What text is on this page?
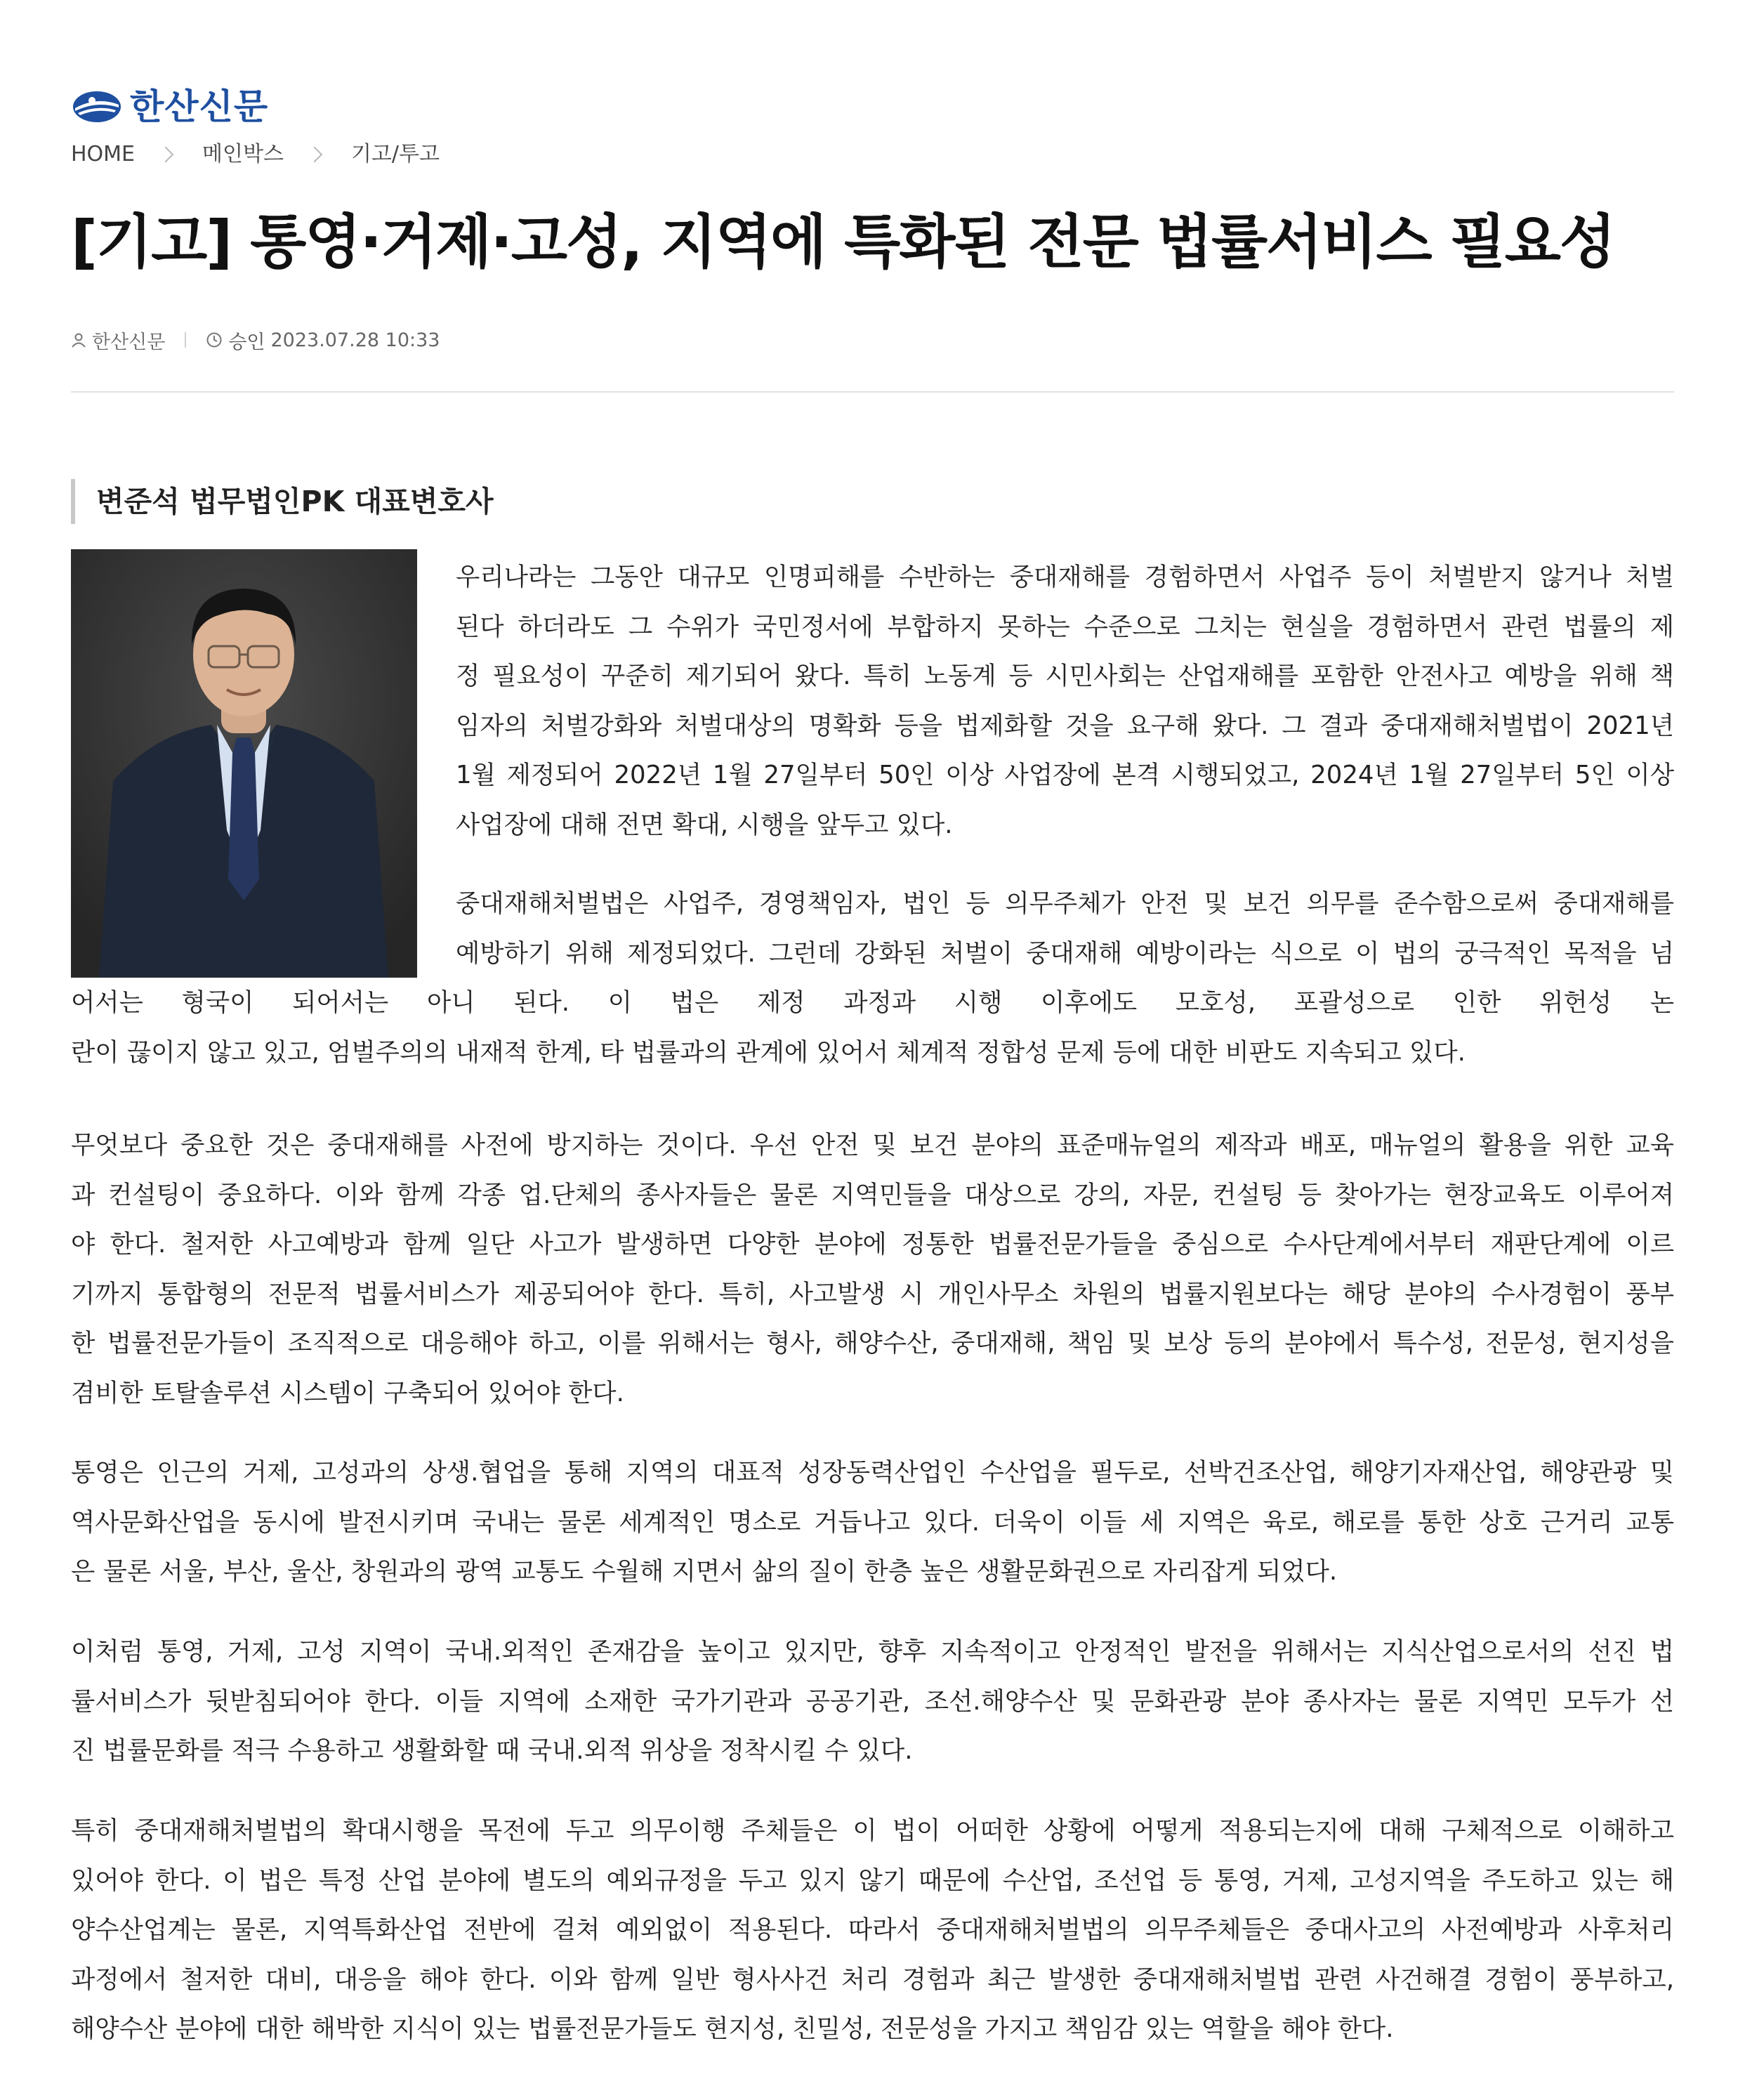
한산신문
HOME	메인박스	기고/투고
[기고] 통영·거제·고성, 지역에 특화된 전문 법률서비스 필요성
한산신문	승인 2023.07.28 10:33
변준석 법무법인PK 대표변호사
우리나라는 그동안 대규모 인명피해를 수반하는 중대재해를 경험하면서 사업주 등이 처벌받지 않거나 처벌
된다 하더라도 그 수위가 국민정서에 부합하지 못하는 수준으로 그치는 현실을 경험하면서 관련 법률의 제
정 필요성이 꾸준히 제기되어 왔다. 특히 노동계 등 시민사회는 산업재해를 포함한 안전사고 예방을 위해 책
임자의 처벌강화와 처벌대상의 명확화 등을 법제화할 것을 요구해 왔다. 그 결과 중대재해처벌법이 2021년
1월 제정되어 2022년 1월 27일부터 50인 이상 사업장에 본격 시행되었고, 2024년 1월 27일부터 5인 이상
사업장에 대해 전면 확대, 시행을 앞두고 있다.
중대재해처벌법은 사업주, 경영책임자, 법인 등 의무주체가 안전 및 보건 의무를 준수함으로써 중대재해를
예방하기 위해 제정되었다. 그런데 강화된 처벌이 중대재해 예방이라는 식으로 이 법의 궁극적인 목적을 넘
어서는 형국이 되어서는 아니 된다. 이 법은 제정 과정과 시행 이후에도 모호성, 포괄성으로 인한 위헌성 논
란이 끊이지 않고 있고, 엄벌주의의 내재적 한계, 타 법률과의 관계에 있어서 체계적 정합성 문제 등에 대한 비판도 지속되고 있다.
무엇보다 중요한 것은 중대재해를 사전에 방지하는 것이다. 우선 안전 및 보건 분야의 표준매뉴얼의 제작과 배포, 매뉴얼의 활용을 위한 교육
과 컨설팅이 중요하다. 이와 함께 각종 업.단체의 종사자들은 물론 지역민들을 대상으로 강의, 자문, 컨설팅 등 찾아가는 현장교육도 이루어져
야 한다. 철저한 사고예방과 함께 일단 사고가 발생하면 다양한 분야에 정통한 법률전문가들을 중심으로 수사단계에서부터 재판단계에 이르
기까지 통합형의 전문적 법률서비스가 제공되어야 한다. 특히, 사고발생 시 개인사무소 차원의 법률지원보다는 해당 분야의 수사경험이 풍부
한 법률전문가들이 조직적으로 대응해야 하고, 이를 위해서는 형사, 해양수산, 중대재해, 책임 및 보상 등의 분야에서 특수성, 전문성, 현지성을
겸비한 토탈솔루션 시스템이 구축되어 있어야 한다.
통영은 인근의 거제, 고성과의 상생.협업을 통해 지역의 대표적 성장동력산업인 수산업을 필두로, 선박건조산업, 해양기자재산업, 해양관광 및
역사문화산업을 동시에 발전시키며 국내는 물론 세계적인 명소로 거듭나고 있다. 더욱이 이들 세 지역은 육로, 해로를 통한 상호 근거리 교통
은 물론 서울, 부산, 울산, 창원과의 광역 교통도 수월해 지면서 삶의 질이 한층 높은 생활문화권으로 자리잡게 되었다.
이처럼 통영, 거제, 고성 지역이 국내.외적인 존재감을 높이고 있지만, 향후 지속적이고 안정적인 발전을 위해서는 지식산업으로서의 선진 법
률서비스가 뒷받침되어야 한다. 이들 지역에 소재한 국가기관과 공공기관, 조선.해양수산 및 문화관광 분야 종사자는 물론 지역민 모두가 선
진 법률문화를 적극 수용하고 생활화할 때 국내.외적 위상을 정착시킬 수 있다.
특히 중대재해처벌법의 확대시행을 목전에 두고 의무이행 주체들은 이 법이 어떠한 상황에 어떻게 적용되는지에 대해 구체적으로 이해하고
있어야 한다. 이 법은 특정 산업 분야에 별도의 예외규정을 두고 있지 않기 때문에 수산업, 조선업 등 통영, 거제, 고성지역을 주도하고 있는 해
양수산업계는 물론, 지역특화산업 전반에 걸쳐 예외없이 적용된다. 따라서 중대재해처벌법의 의무주체들은 중대사고의 사전예방과 사후처리
과정에서 철저한 대비, 대응을 해야 한다. 이와 함께 일반 형사사건 처리 경험과 최근 발생한 중대재해처벌법 관련 사건해결 경험이 풍부하고,
해양수산 분야에 대한 해박한 지식이 있는 법률전문가들도 현지성, 친밀성, 전문성을 가지고 책임감 있는 역할을 해야 한다.
